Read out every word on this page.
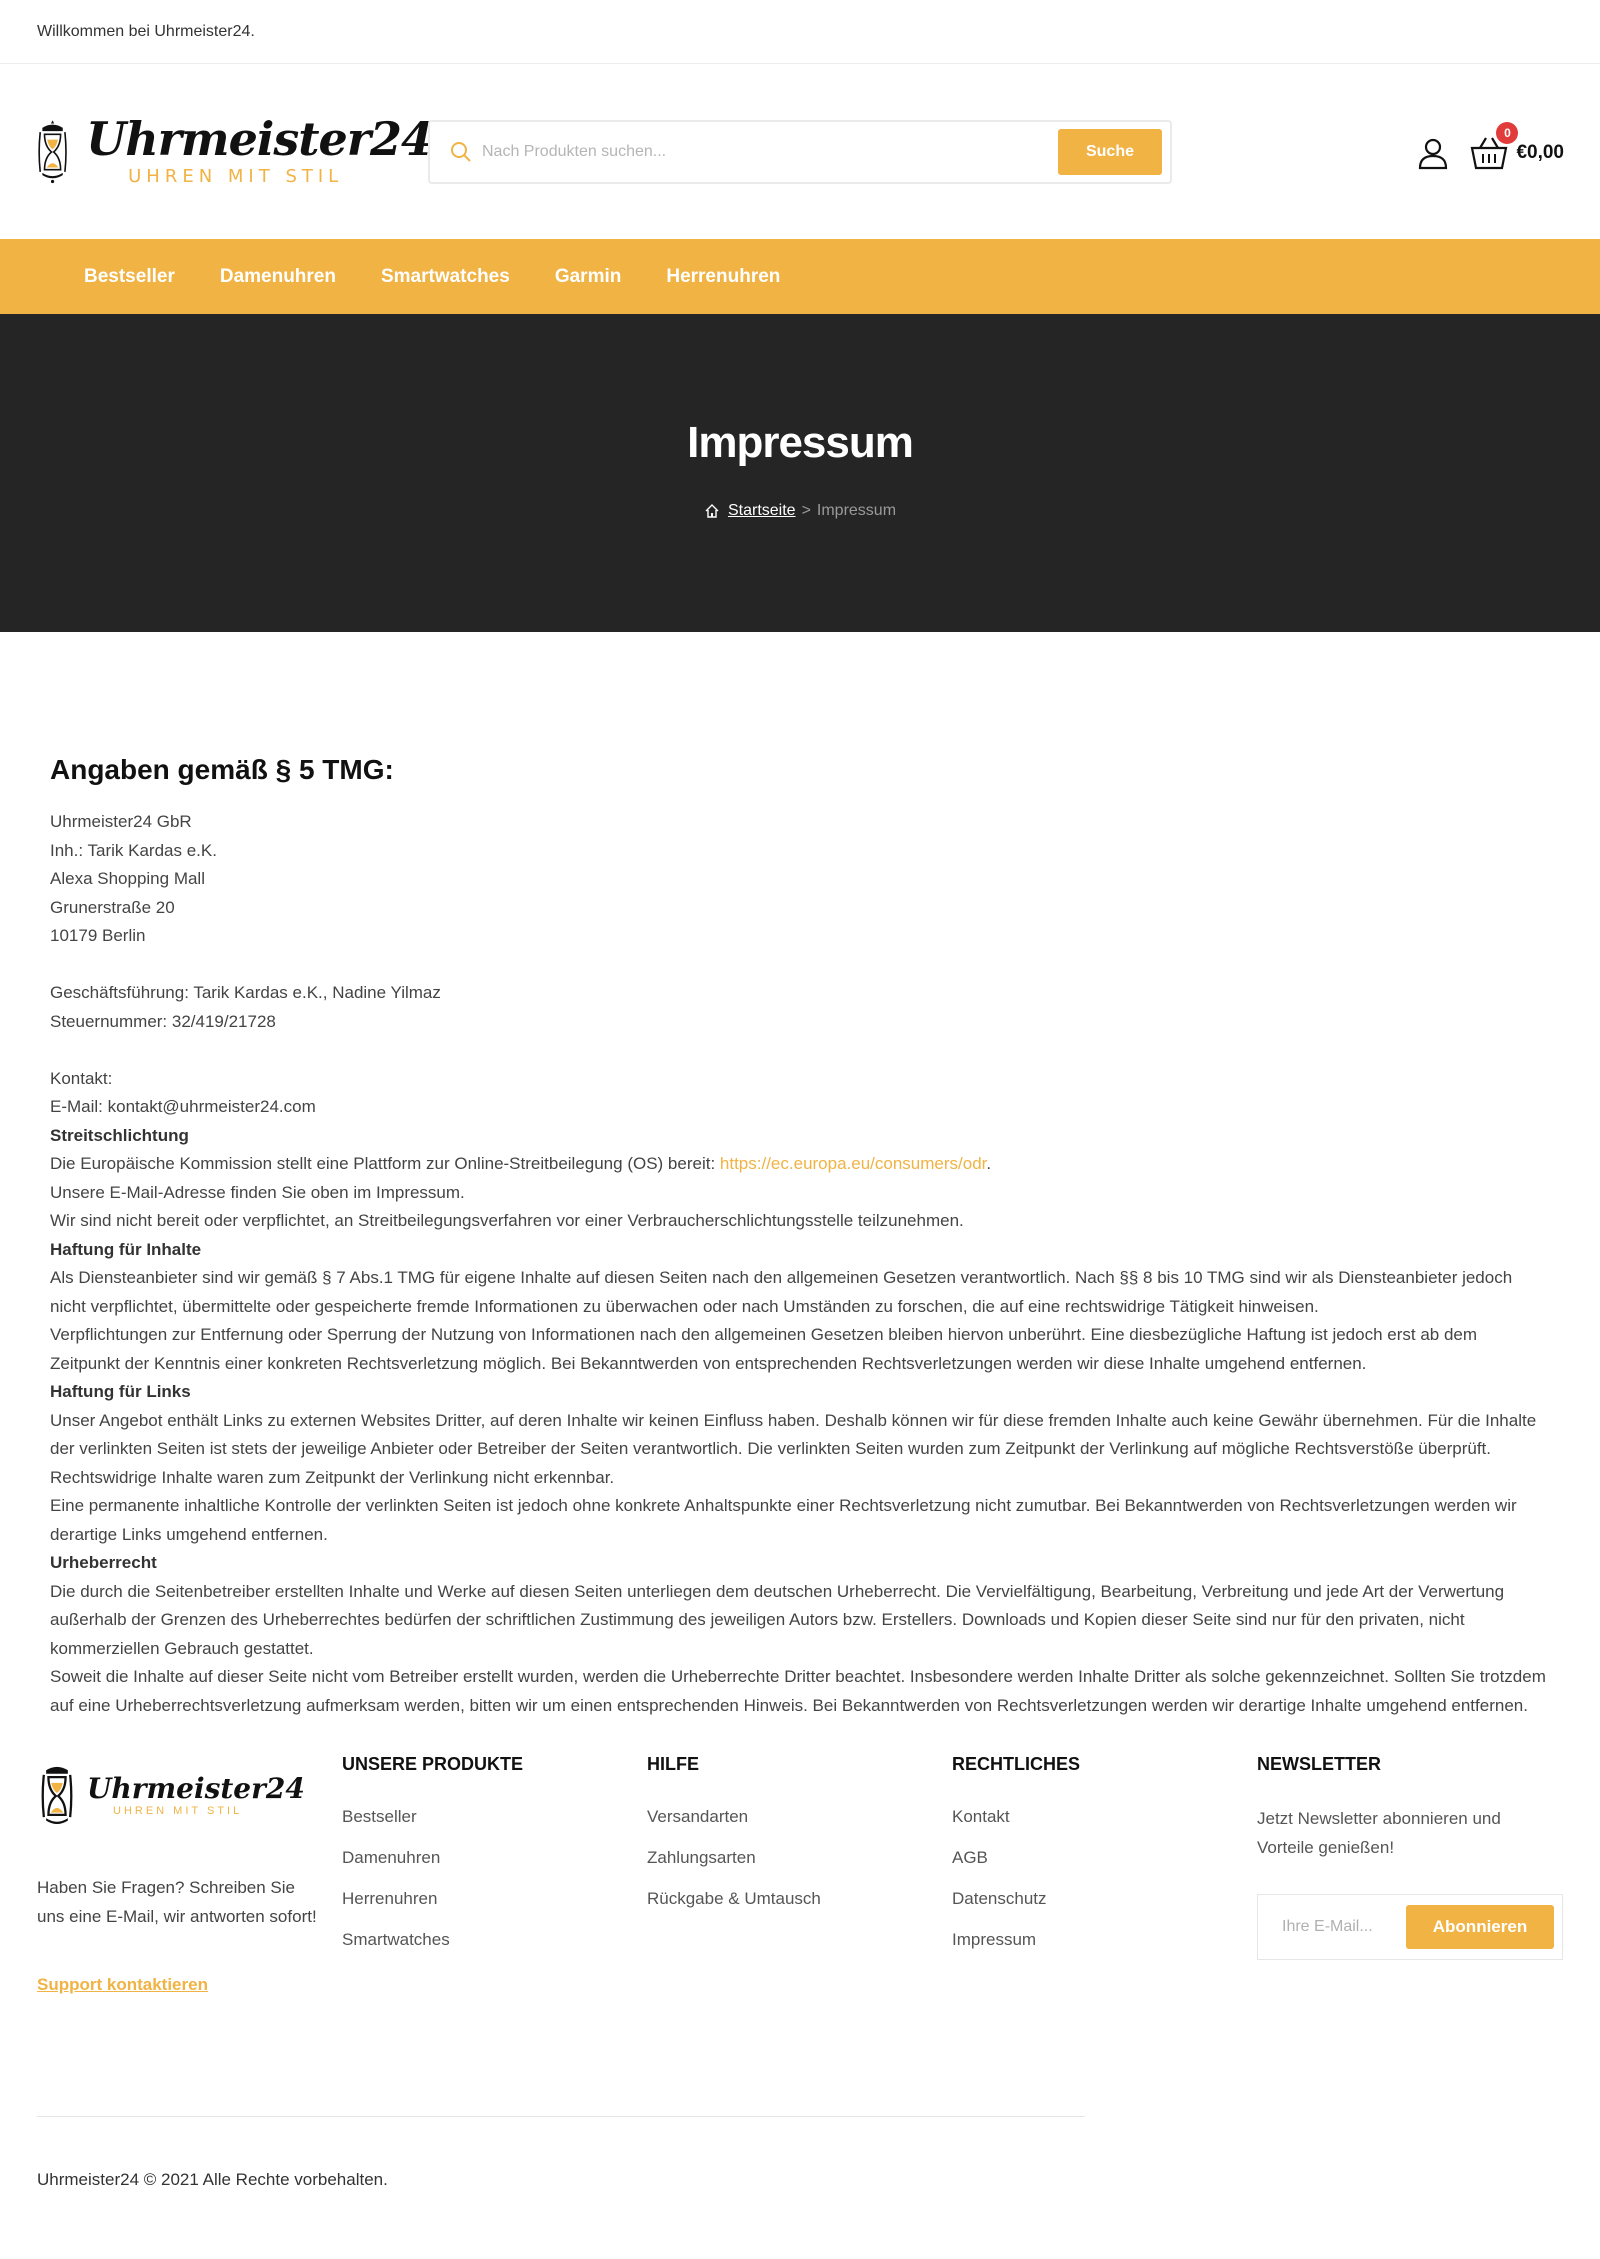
Willkommen bei Uhrmeister24.
Uhrmeister24
UHREN MIT STIL
Nach Produkten suchen...
Suche
0
€0,00
Bestseller Damenuhren Smartwatches Garmin Herrenuhren
Impressum
Startseite > Impressum
Angaben gemäß § 5 TMG:

Uhrmeister24 GbR

Inh.: Tarik Kardas e.K.

Alexa Shopping Mall

Grunerstraße 20

10179 Berlin

Geschäftsführung: Tarik Kardas e.K., Nadine Yilmaz

Steuernummer: 32/419/21728

Kontakt:

E-Mail: kontakt@uhrmeister24.com

Streitschlichtung

Die Europäische Kommission stellt eine Plattform zur Online-Streitbeilegung (OS) bereit: https://ec.europa.eu/consumers/odr.

Unsere E-Mail-Adresse finden Sie oben im Impressum.

Wir sind nicht bereit oder verpflichtet, an Streitbeilegungsverfahren vor einer Verbraucherschlichtungsstelle teilzunehmen.

Haftung für Inhalte

Als Diensteanbieter sind wir gemäß § 7 Abs.1 TMG für eigene Inhalte auf diesen Seiten nach den allgemeinen Gesetzen verantwortlich. Nach §§ 8 bis 10 TMG sind wir als Diensteanbieter jedoch nicht verpflichtet, übermittelte oder gespeicherte fremde Informationen zu überwachen oder nach Umständen zu forschen, die auf eine rechtswidrige Tätigkeit hinweisen.

Verpflichtungen zur Entfernung oder Sperrung der Nutzung von Informationen nach den allgemeinen Gesetzen bleiben hiervon unberührt. Eine diesbezügliche Haftung ist jedoch erst ab dem Zeitpunkt der Kenntnis einer konkreten Rechtsverletzung möglich. Bei Bekanntwerden von entsprechenden Rechtsverletzungen werden wir diese Inhalte umgehend entfernen.

Haftung für Links

Unser Angebot enthält Links zu externen Websites Dritter, auf deren Inhalte wir keinen Einfluss haben. Deshalb können wir für diese fremden Inhalte auch keine Gewähr übernehmen. Für die Inhalte der verlinkten Seiten ist stets der jeweilige Anbieter oder Betreiber der Seiten verantwortlich. Die verlinkten Seiten wurden zum Zeitpunkt der Verlinkung auf mögliche Rechtsverstöße überprüft. Rechtswidrige Inhalte waren zum Zeitpunkt der Verlinkung nicht erkennbar.

Eine permanente inhaltliche Kontrolle der verlinkten Seiten ist jedoch ohne konkrete Anhaltspunkte einer Rechtsverletzung nicht zumutbar. Bei Bekanntwerden von Rechtsverletzungen werden wir derartige Links umgehend entfernen.

Urheberrecht

Die durch die Seitenbetreiber erstellten Inhalte und Werke auf diesen Seiten unterliegen dem deutschen Urheberrecht. Die Vervielfältigung, Bearbeitung, Verbreitung und jede Art der Verwertung außerhalb der Grenzen des Urheberrechtes bedürfen der schriftlichen Zustimmung des jeweiligen Autors bzw. Erstellers. Downloads und Kopien dieser Seite sind nur für den privaten, nicht kommerziellen Gebrauch gestattet.

Soweit die Inhalte auf dieser Seite nicht vom Betreiber erstellt wurden, werden die Urheberrechte Dritter beachtet. Insbesondere werden Inhalte Dritter als solche gekennzeichnet. Sollten Sie trotzdem auf eine Urheberrechtsverletzung aufmerksam werden, bitten wir um einen entsprechenden Hinweis. Bei Bekanntwerden von Rechtsverletzungen werden wir derartige Inhalte umgehend entfernen.

Uhrmeister24
UHREN MIT STIL

Haben Sie Fragen? Schreiben Sie uns eine E-Mail, wir antworten sofort!

Support kontaktieren
UNSERE PRODUKTE
Bestseller
Damenuhren
Herrenuhren
Smartwatches
HILFE
Versandarten
Zahlungsarten
Rückgabe & Umtausch
RECHTLICHES
Kontakt
AGB
Datenschutz
Impressum
NEWSLETTER

Jetzt Newsletter abonnieren und Vorteile genießen!

Ihre E-Mail...
Abonnieren
Uhrmeister24 © 2021 Alle Rechte vorbehalten.
